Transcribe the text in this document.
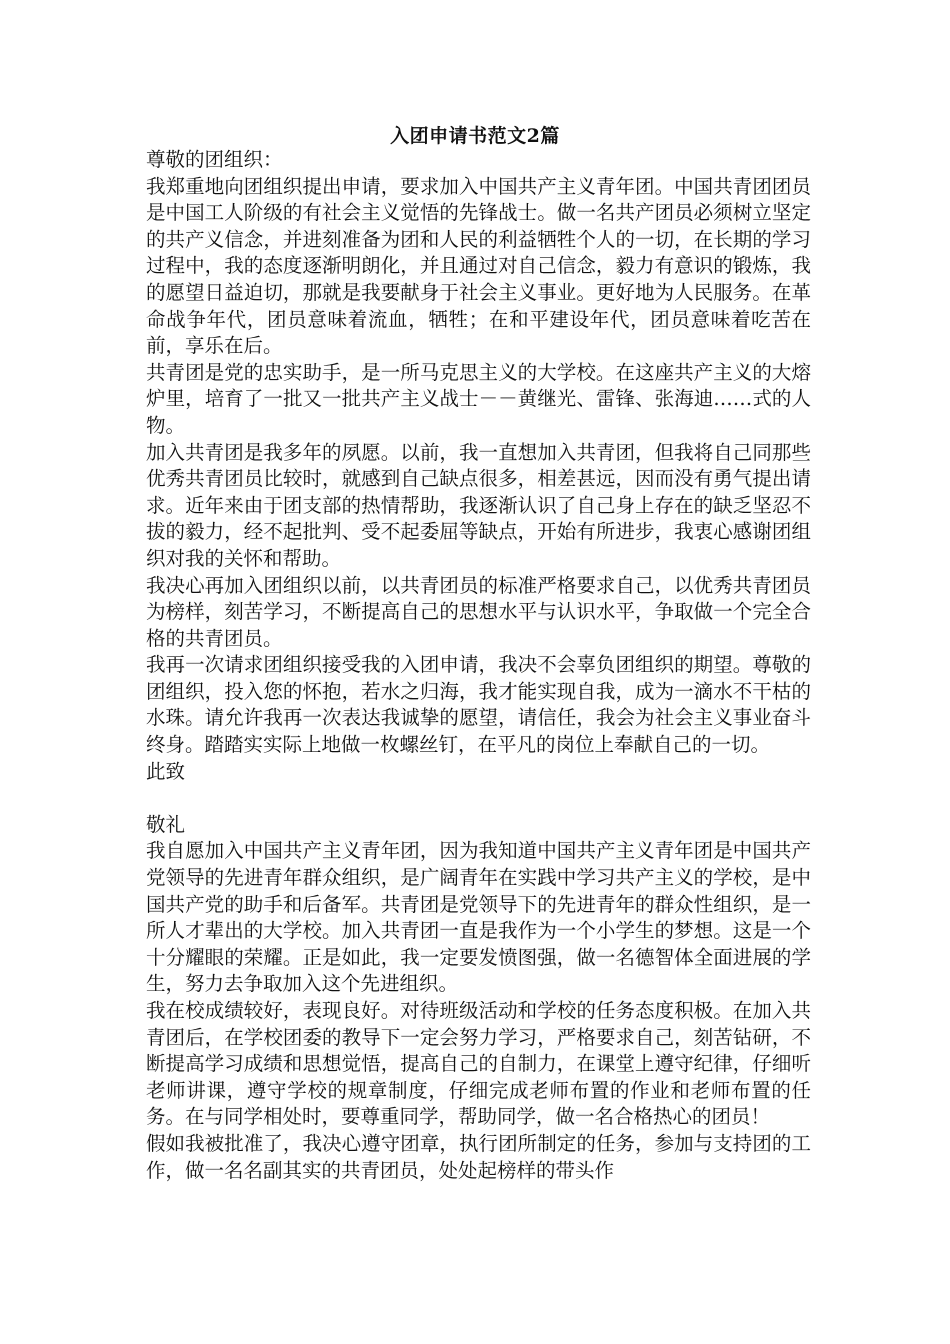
入团申请书范文2篇

尊敬的团组织：

我郑重地向团组织提出申请，要求加入中国共产主义青年团。中国共青团团员是中国工人阶级的有社会主义觉悟的先锋战士。做一名共产团员必须树立坚定的共产义信念，并进刻准备为团和人民的利益牺牲个人的一切，在长期的学习过程中，我的态度逐渐明朗化，并且通过对自己信念，毅力有意识的锻炼，我的愿望日益迫切，那就是我要献身于社会主义事业。更好地为人民服务。在革命战争年代，团员意味着流血，牺牲；在和平建设年代，团员意味着吃苦在前，享乐在后。

共青团是党的忠实助手，是一所马克思主义的大学校。在这座共产主义的大熔炉里，培育了一批又一批共产主义战士－－黄继光、雷锋、张海迪……式的人物。

加入共青团是我多年的夙愿。以前，我一直想加入共青团，但我将自己同那些优秀共青团员比较时，就感到自己缺点很多，相差甚远，因而没有勇气提出请求。近年来由于团支部的热情帮助，我逐渐认识了自己身上存在的缺乏坚忍不拔的毅力，经不起批判、受不起委屈等缺点，开始有所进步，我衷心感谢团组织对我的关怀和帮助。

我决心再加入团组织以前，以共青团员的标准严格要求自己，以优秀共青团员为榜样，刻苦学习，不断提高自己的思想水平与认识水平，争取做一个完全合格的共青团员。

我再一次请求团组织接受我的入团申请，我决不会辜负团组织的期望。尊敬的团组织，投入您的怀抱，若水之归海，我才能实现自我，成为一滴水不干枯的水珠。请允许我再一次表达我诚挚的愿望，请信任，我会为社会主义事业奋斗终身。踏踏实实际上地做一枚螺丝钉，在平凡的岗位上奉献自己的一切。

此致

敬礼

我自愿加入中国共产主义青年团，因为我知道中国共产主义青年团是中国共产党领导的先进青年群众组织，是广阔青年在实践中学习共产主义的学校，是中国共产党的助手和后备军。共青团是党领导下的先进青年的群众性组织，是一所人才辈出的大学校。加入共青团一直是我作为一个小学生的梦想。这是一个十分耀眼的荣耀。正是如此，我一定要发愤图强，做一名德智体全面进展的学生，努力去争取加入这个先进组织。

我在校成绩较好，表现良好。对待班级活动和学校的任务态度积极。在加入共青团后，在学校团委的教导下一定会努力学习，严格要求自己，刻苦钻研，不断提高学习成绩和思想觉悟，提高自己的自制力，在课堂上遵守纪律，仔细听老师讲课，遵守学校的规章制度，仔细完成老师布置的作业和老师布置的任务。在与同学相处时，要尊重同学，帮助同学，做一名合格热心的团员！

假如我被批准了，我决心遵守团章，执行团所制定的任务，参加与支持团的工作，做一名名副其实的共青团员，处处起榜样的带头作
